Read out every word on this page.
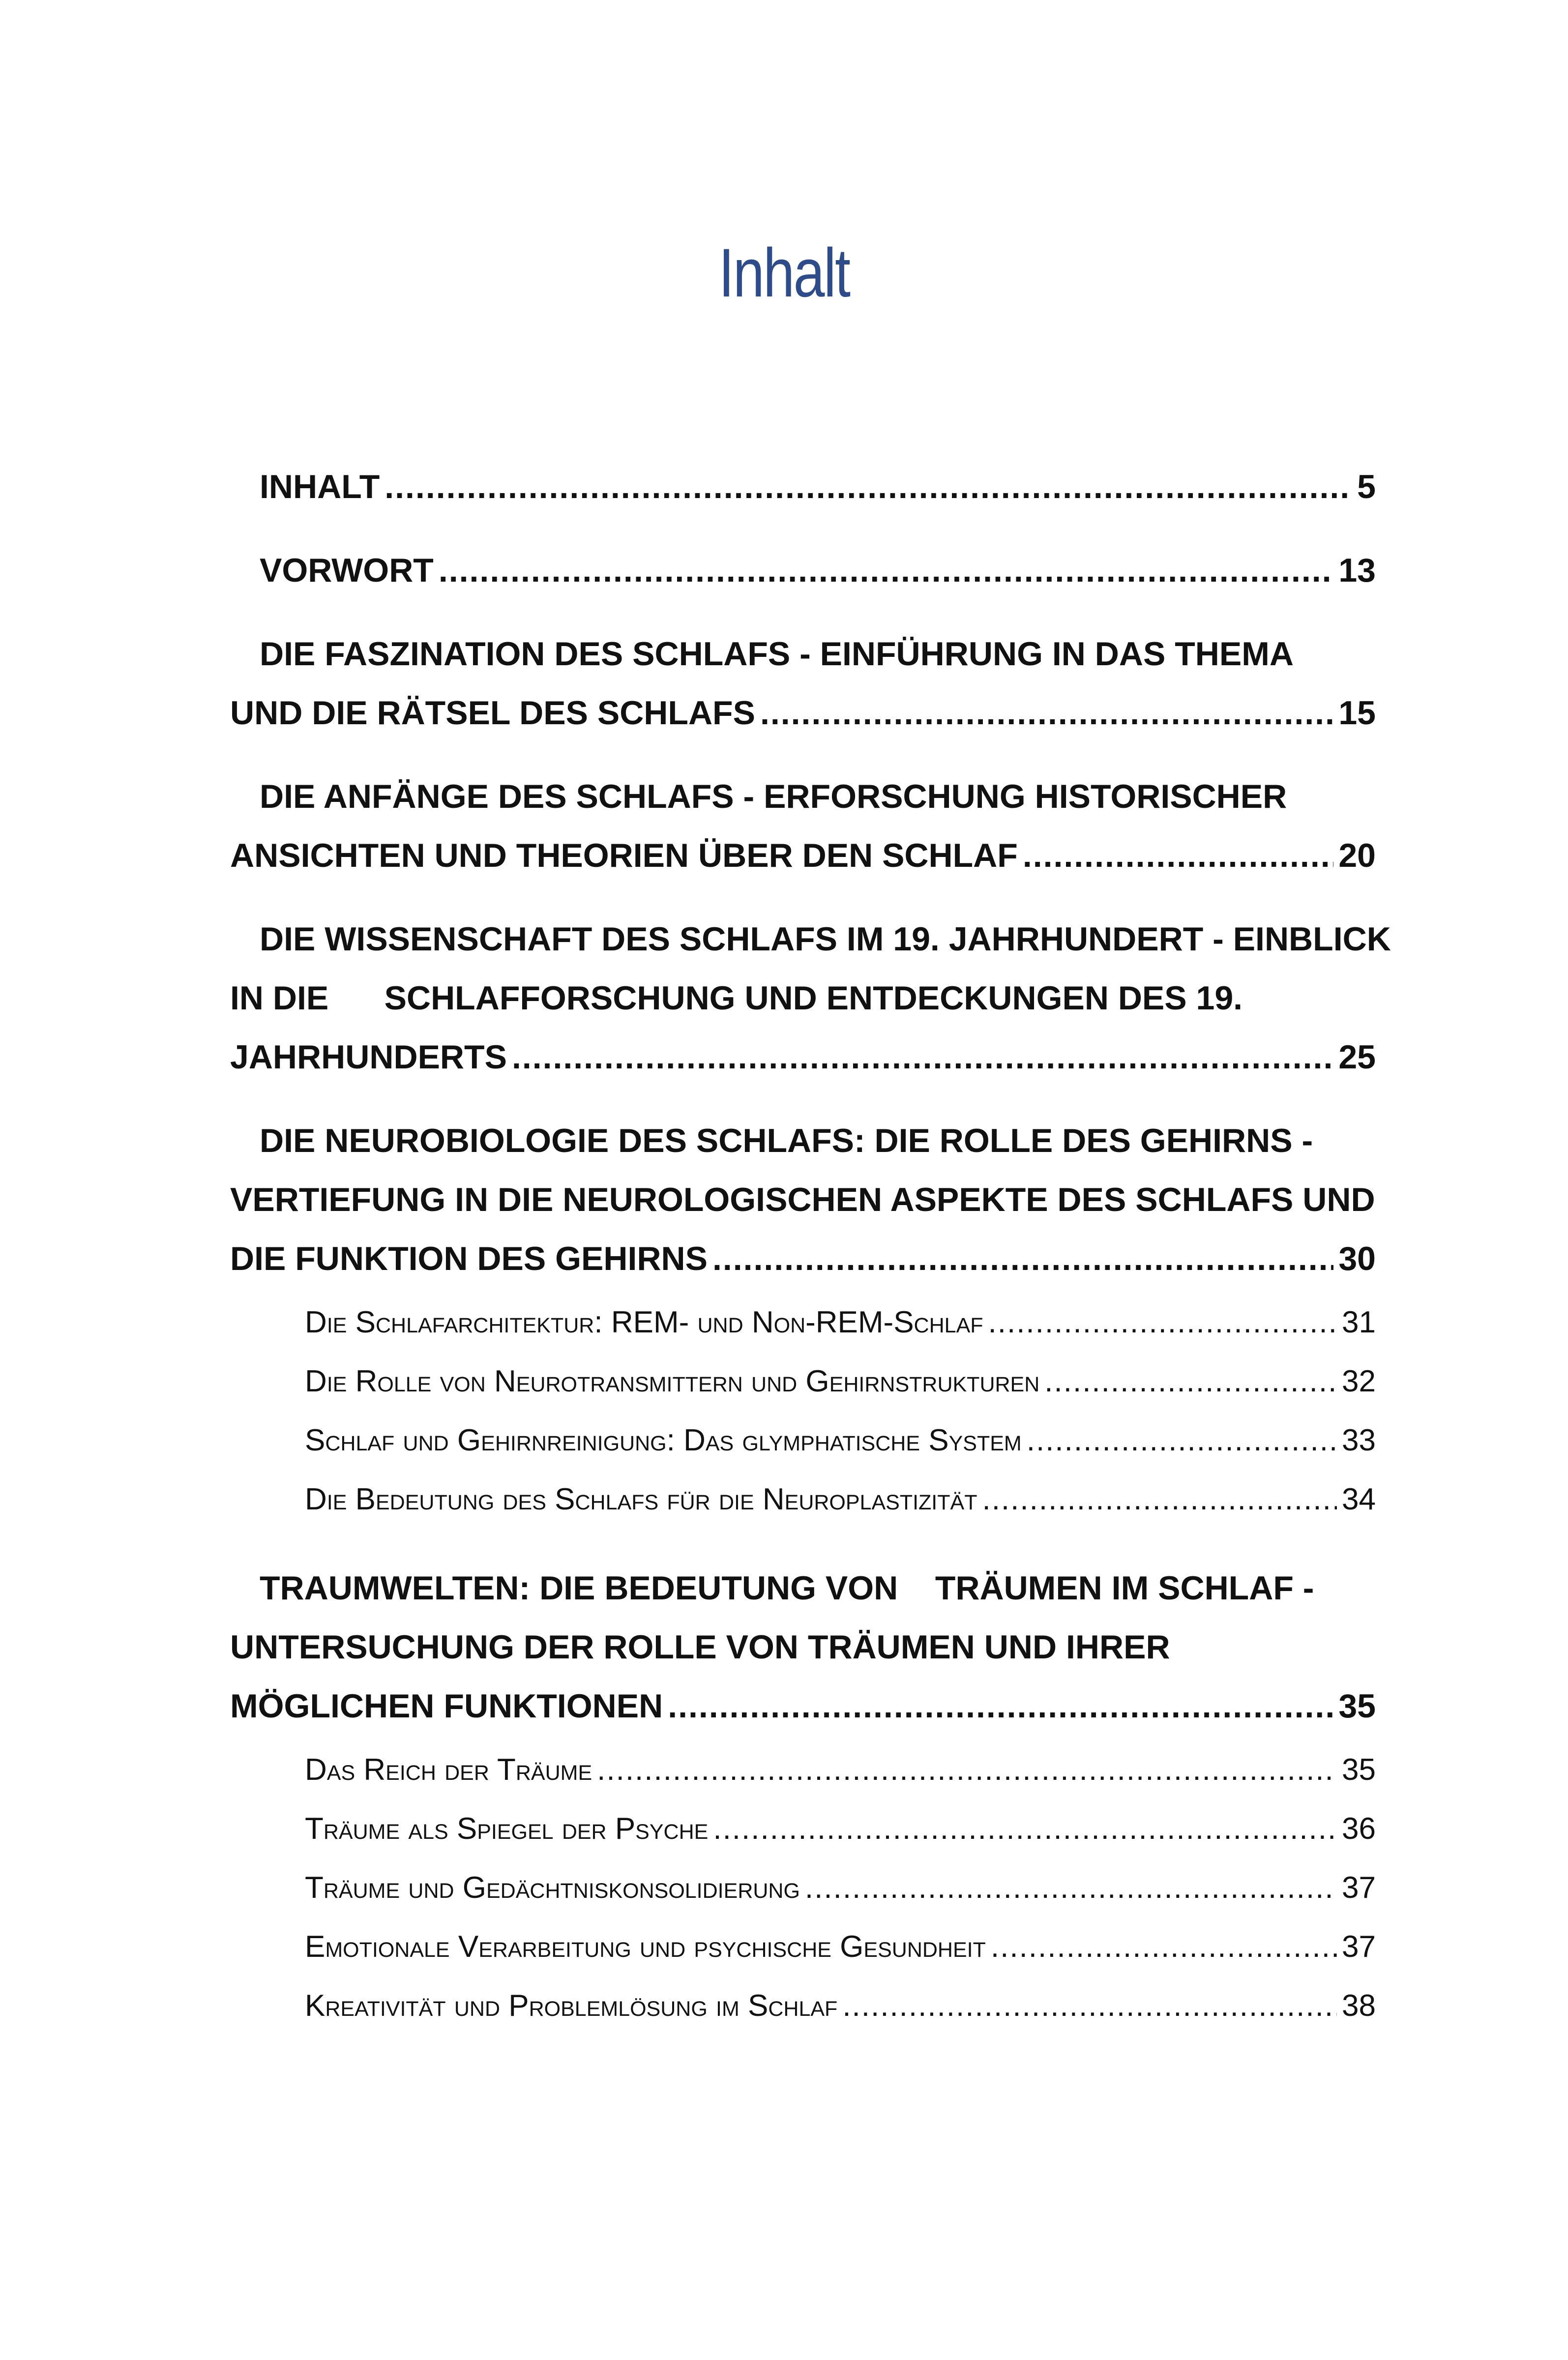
Inhalt
INHALT .....	5
VORWORT .....	13
DIE FASZINATION DES SCHLAFS - EINFÜHRUNG IN DAS THEMA
UND DIE RÄTSEL DES SCHLAFS .....	15
DIE ANFÄNGE DES SCHLAFS - ERFORSCHUNG HISTORISCHER
ANSICHTEN UND THEORIEN ÜBER DEN SCHLAF .....	20
DIE WISSENSCHAFT DES SCHLAFS IM 19. JAHRHUNDERT - EINBLICK
IN DIE      SCHLAFFORSCHUNG UND ENTDECKUNGEN DES 19.
JAHRHUNDERTS .....	25
DIE NEUROBIOLOGIE DES SCHLAFS: DIE ROLLE DES GEHIRNS -
VERTIEFUNG IN DIE NEUROLOGISCHEN ASPEKTE DES SCHLAFS UND
DIE FUNKTION DES GEHIRNS .....	30
Die Schlafarchitektur: REM- und Non-REM-Schlaf .....	31
Die Rolle von Neurotransmittern und Gehirnstrukturen .....	32
Schlaf und Gehirnreinigung: Das glymphatische System .....	33
Die Bedeutung des Schlafs für die Neuroplastizität .....	34
TRAUMWELTEN: DIE BEDEUTUNG VON    TRÄUMEN IM SCHLAF -
UNTERSUCHUNG DER ROLLE VON TRÄUMEN UND IHRER
MÖGLICHEN FUNKTIONEN .....	35
Das Reich der Träume .....	35
Träume als Spiegel der Psyche .....	36
Träume und Gedächtniskonsolidierung .....	37
Emotionale Verarbeitung und psychische Gesundheit .....	37
Kreativität und Problemlösung im Schlaf .....	38
